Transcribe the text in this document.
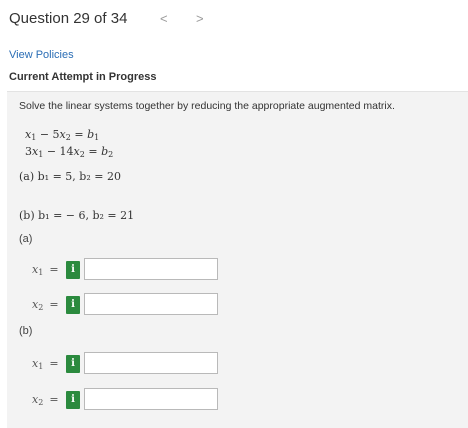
Question 29 of 34	< >
View Policies
Current Attempt in Progress
Solve the linear systems together by reducing the appropriate augmented matrix.
$x_1 - 5x_2 = b_1$
$3x_1 - 14x_2 = b_2$
(a) b₁ = 5, b₂ = 20
(b) b₁ = − 6, b₂ = 21
(a)
$x_1$ =	i
$x_2$ =	i
(b)
$x_1$ =	i
$x_2$ =	i
